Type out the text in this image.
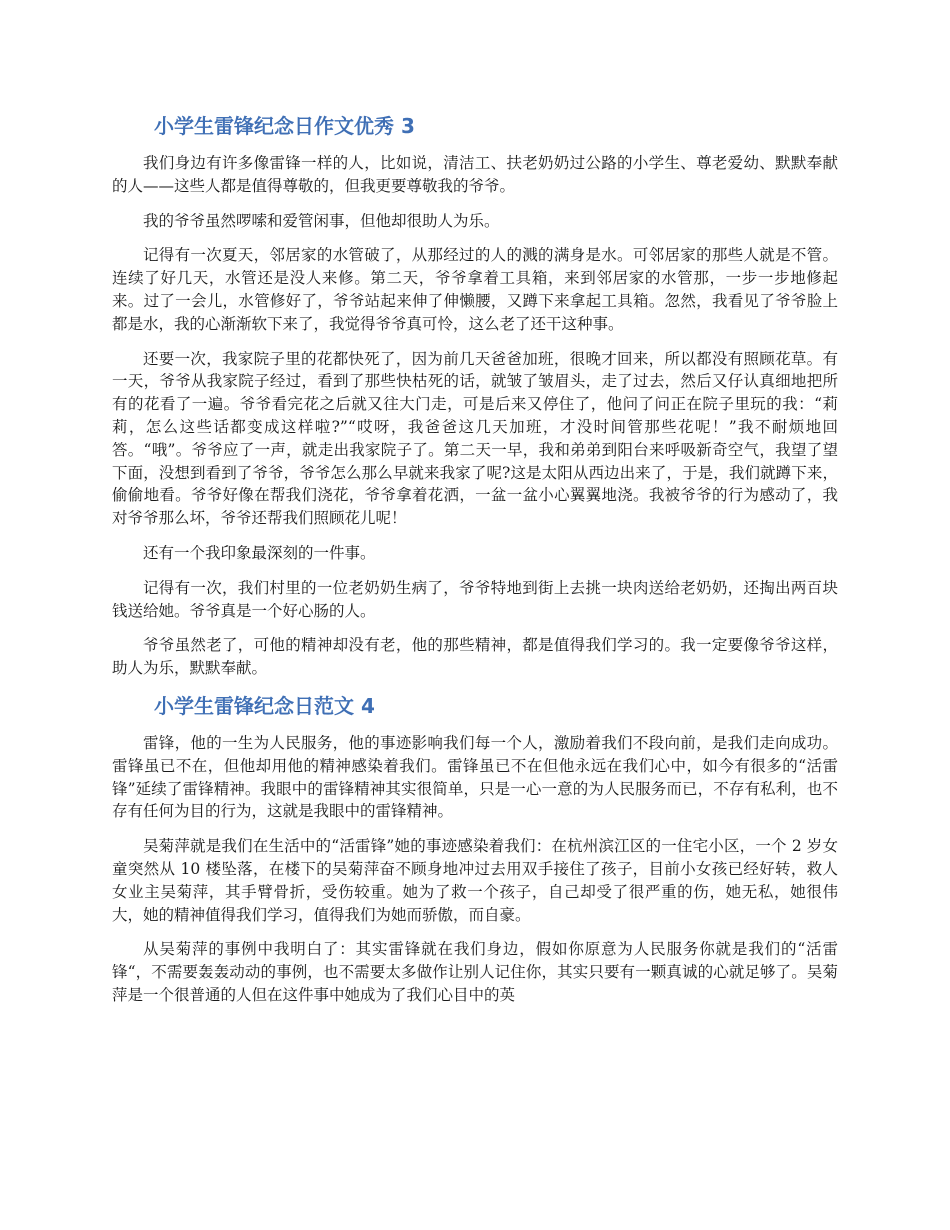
小学生雷锋纪念日作文优秀 3

我们身边有许多像雷锋一样的人，比如说，清洁工、扶老奶奶过公路的小学生、尊老爱幼、默默奉献的人——这些人都是值得尊敬的，但我更要尊敬我的爷爷。

我的爷爷虽然啰嗦和爱管闲事，但他却很助人为乐。

记得有一次夏天，邻居家的水管破了，从那经过的人的溅的满身是水。可邻居家的那些人就是不管。连续了好几天，水管还是没人来修。第二天，爷爷拿着工具箱，来到邻居家的水管那，一步一步地修起来。过了一会儿，水管修好了，爷爷站起来伸了伸懒腰，又蹲下来拿起工具箱。忽然，我看见了爷爷脸上都是水，我的心渐渐软下来了，我觉得爷爷真可怜，这么老了还干这种事。

还要一次，我家院子里的花都快死了，因为前几天爸爸加班，很晚才回来，所以都没有照顾花草。有一天，爷爷从我家院子经过，看到了那些快枯死的话，就皱了皱眉头，走了过去，然后又仔认真细地把所有的花看了一遍。爷爷看完花之后就又往大门走，可是后来又停住了，他问了问正在院子里玩的我：“莉莉，怎么这些话都变成这样啦?”“哎呀，我爸爸这几天加班，才没时间管那些花呢！”我不耐烦地回答。“哦”。爷爷应了一声，就走出我家院子了。第二天一早，我和弟弟到阳台来呼吸新奇空气，我望了望下面，没想到看到了爷爷，爷爷怎么那么早就来我家了呢?这是太阳从西边出来了，于是，我们就蹲下来，偷偷地看。爷爷好像在帮我们浇花，爷爷拿着花洒，一盆一盆小心翼翼地浇。我被爷爷的行为感动了，我对爷爷那么坏，爷爷还帮我们照顾花儿呢！

还有一个我印象最深刻的一件事。

记得有一次，我们村里的一位老奶奶生病了，爷爷特地到街上去挑一块肉送给老奶奶，还掏出两百块钱送给她。爷爷真是一个好心肠的人。

爷爷虽然老了，可他的精神却没有老，他的那些精神，都是值得我们学习的。我一定要像爷爷这样，助人为乐，默默奉献。

小学生雷锋纪念日范文 4

雷锋，他的一生为人民服务，他的事迹影响我们每一个人，激励着我们不段向前，是我们走向成功。雷锋虽已不在，但他却用他的精神感染着我们。雷锋虽已不在但他永远在我们心中，如今有很多的“活雷锋”延续了雷锋精神。我眼中的雷锋精神其实很简单，只是一心一意的为人民服务而已，不存有私利，也不存有任何为目的行为，这就是我眼中的雷锋精神。

吴菊萍就是我们在生活中的“活雷锋”她的事迹感染着我们：在杭州滨江区的一住宅小区，一个 2 岁女童突然从 10 楼坠落，在楼下的吴菊萍奋不顾身地冲过去用双手接住了孩子，目前小女孩已经好转，救人女业主吴菊萍，其手臂骨折，受伤较重。她为了救一个孩子，自己却受了很严重的伤，她无私，她很伟大，她的精神值得我们学习，值得我们为她而骄傲，而自豪。

从吴菊萍的事例中我明白了：其实雷锋就在我们身边，假如你原意为人民服务你就是我们的“活雷锋“，不需要轰轰动动的事例，也不需要太多做作让别人记住你，其实只要有一颗真诚的心就足够了。吴菊萍是一个很普通的人但在这件事中她成为了我们心目中的英
